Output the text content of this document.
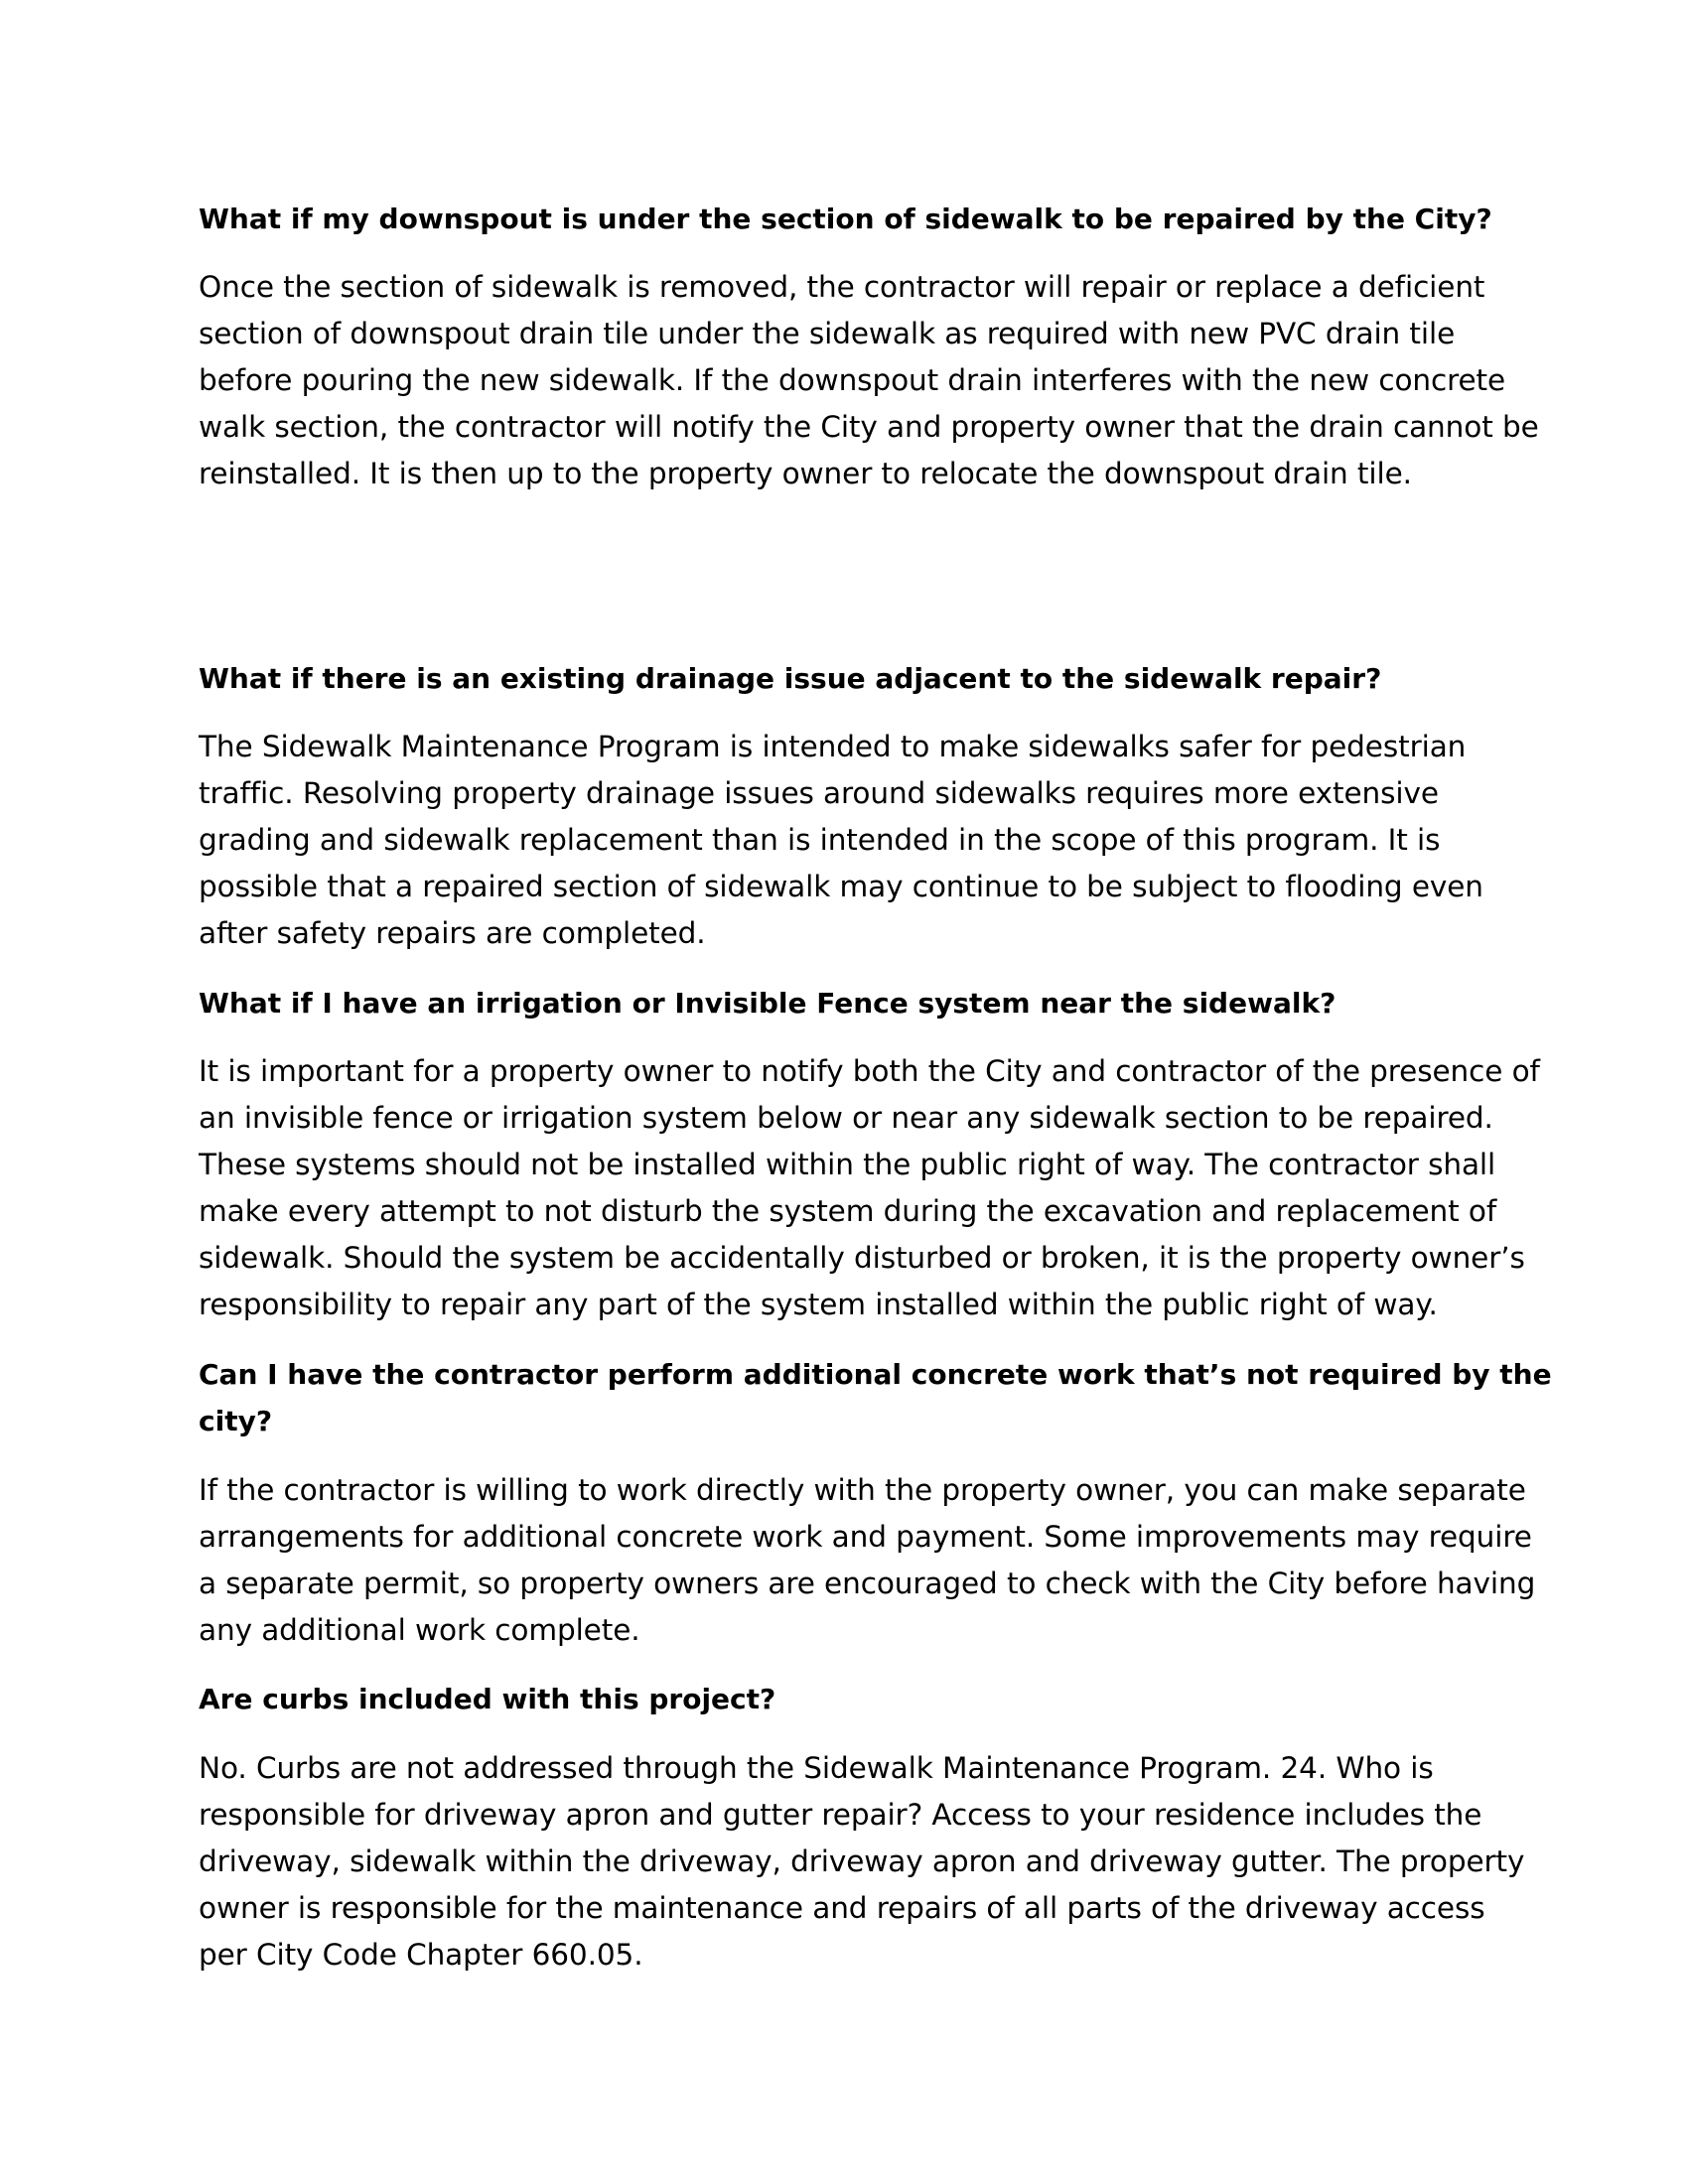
What if my downspout is under the section of sidewalk to be repaired by the City?

Once the section of sidewalk is removed, the contractor will repair or replace a deficient
section of downspout drain tile under the sidewalk as required with new PVC drain tile
before pouring the new sidewalk. If the downspout drain interferes with the new concrete
walk section, the contractor will notify the City and property owner that the drain cannot be
reinstalled. It is then up to the property owner to relocate the downspout drain tile.

What if there is an existing drainage issue adjacent to the sidewalk repair?

The Sidewalk Maintenance Program is intended to make sidewalks safer for pedestrian
traffic. Resolving property drainage issues around sidewalks requires more extensive
grading and sidewalk replacement than is intended in the scope of this program. It is
possible that a repaired section of sidewalk may continue to be subject to flooding even
after safety repairs are completed.

What if I have an irrigation or Invisible Fence system near the sidewalk?

It is important for a property owner to notify both the City and contractor of the presence of
an invisible fence or irrigation system below or near any sidewalk section to be repaired.
These systems should not be installed within the public right of way. The contractor shall
make every attempt to not disturb the system during the excavation and replacement of
sidewalk. Should the system be accidentally disturbed or broken, it is the property owner’s
responsibility to repair any part of the system installed within the public right of way.

Can I have the contractor perform additional concrete work that’s not required by the
city?

If the contractor is willing to work directly with the property owner, you can make separate
arrangements for additional concrete work and payment. Some improvements may require
a separate permit, so property owners are encouraged to check with the City before having
any additional work complete.

Are curbs included with this project?

No. Curbs are not addressed through the Sidewalk Maintenance Program. 24. Who is
responsible for driveway apron and gutter repair? Access to your residence includes the
driveway, sidewalk within the driveway, driveway apron and driveway gutter. The property
owner is responsible for the maintenance and repairs of all parts of the driveway access
per City Code Chapter 660.05.
